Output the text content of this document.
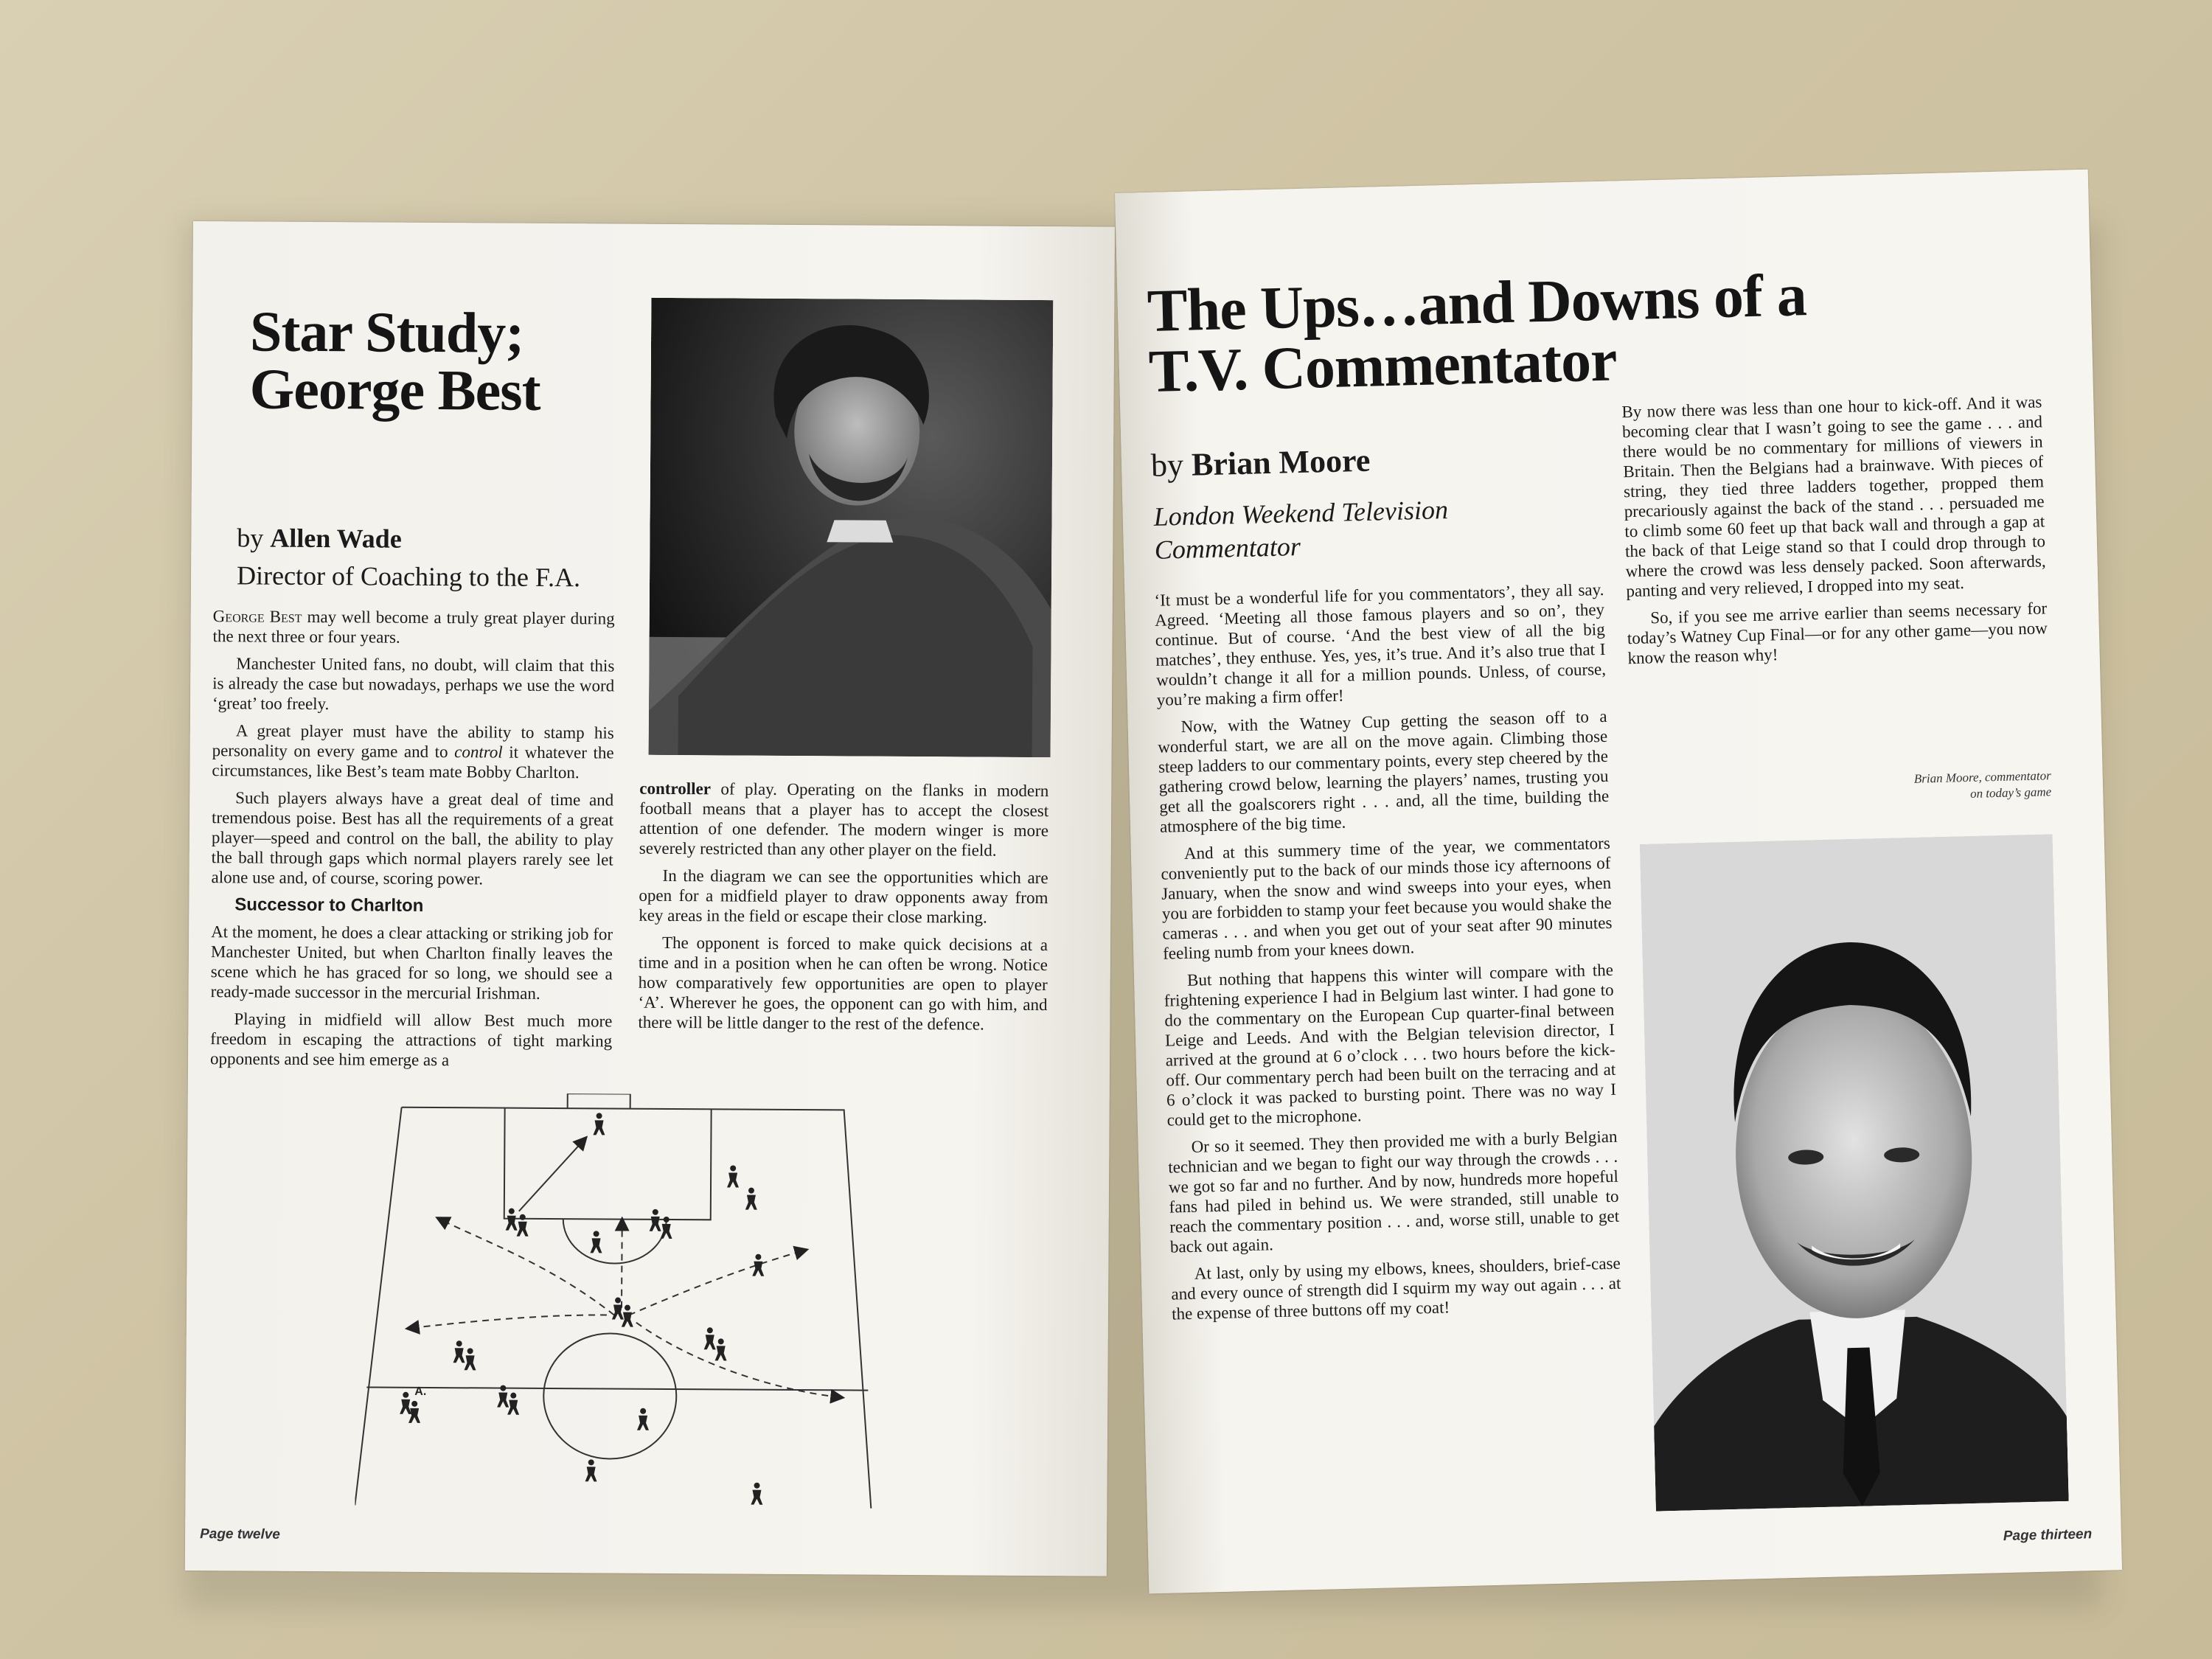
Star Study;
George Best
by Allen Wade
Director of Coaching to the F.A.

George Best may well become a truly great player during the next three or four years.

Manchester United fans, no doubt, will claim that this is already the case but nowadays, perhaps we use the word ‘great’ too freely.

A great player must have the ability to stamp his personality on every game and to control it whatever the circumstances, like Best’s team mate Bobby Charlton.

Such players always have a great deal of time and tremendous poise. Best has all the requirements of a great player—speed and control on the ball, the ability to play the ball through gaps which normal players rarely see let alone use and, of course, scoring power.

Successor to Charlton

At the moment, he does a clear attacking or striking job for Manchester United, but when Charlton finally leaves the scene which he has graced for so long, we should see a ready-made successor in the mercurial Irishman.

Playing in midfield will allow Best much more freedom in escaping the attractions of tight marking opponents and see him emerge as a

controller of play. Operating on the flanks in modern football means that a player has to accept the closest attention of one defender. The modern winger is more severely restricted than any other player on the field.

In the diagram we can see the opportunities which are open for a midfield player to draw opponents away from key areas in the field or escape their close marking.

The opponent is forced to make quick decisions at a time and in a position when he can often be wrong. Notice how comparatively few opportunities are open to player ‘A’. Wherever he goes, the opponent can go with him, and there will be little danger to the rest of the defence.

A.
Page twelve
The Ups…and Downs of a
T.V. Commentator
by Brian Moore
London Weekend Television
Commentator

‘It must be a wonderful life for you commentators’, they all say. Agreed. ‘Meeting all those famous players and so on’, they continue. But of course. ‘And the best view of all the big matches’, they enthuse. Yes, yes, it’s true. And it’s also true that I wouldn’t change it all for a million pounds. Unless, of course, you’re making a firm offer!

Now, with the Watney Cup getting the season off to a wonderful start, we are all on the move again. Climbing those steep ladders to our commentary points, every step cheered by the gathering crowd below, learning the players’ names, trusting you get all the goalscorers right . . . and, all the time, building the atmosphere of the big time.

And at this summery time of the year, we commentators conveniently put to the back of our minds those icy afternoons of January, when the snow and wind sweeps into your eyes, when you are forbidden to stamp your feet because you would shake the cameras . . . and when you get out of your seat after 90 minutes feeling numb from your knees down.

But nothing that happens this winter will compare with the frightening experience I had in Belgium last winter. I had gone to do the commentary on the European Cup quarter-final between Leige and Leeds. And with the Belgian television director, I arrived at the ground at 6 o’clock . . . two hours before the kick-off. Our commentary perch had been built on the terracing and at 6 o’clock it was packed to bursting point. There was no way I could get to the microphone.

Or so it seemed. They then provided me with a burly Belgian technician and we began to fight our way through the crowds . . . we got so far and no further. And by now, hundreds more hopeful fans had piled in behind us. We were stranded, still unable to reach the commentary position . . . and, worse still, unable to get back out again.

At last, only by using my elbows, knees, shoulders, brief-case and every ounce of strength did I squirm my way out again . . . at the expense of three buttons off my coat!

By now there was less than one hour to kick-off. And it was becoming clear that I wasn’t going to see the game . . . and there would be no commentary for millions of viewers in Britain. Then the Belgians had a brainwave. With pieces of string, they tied three ladders together, propped them precariously against the back of the stand . . . persuaded me to climb some 60 feet up that back wall and through a gap at the back of that Leige stand so that I could drop through to where the crowd was less densely packed. Soon afterwards, panting and very relieved, I dropped into my seat.

So, if you see me arrive earlier than seems necessary for today’s Watney Cup Final—or for any other game—you now know the reason why!

Brian Moore, commentator
on today’s game
Page thirteen
